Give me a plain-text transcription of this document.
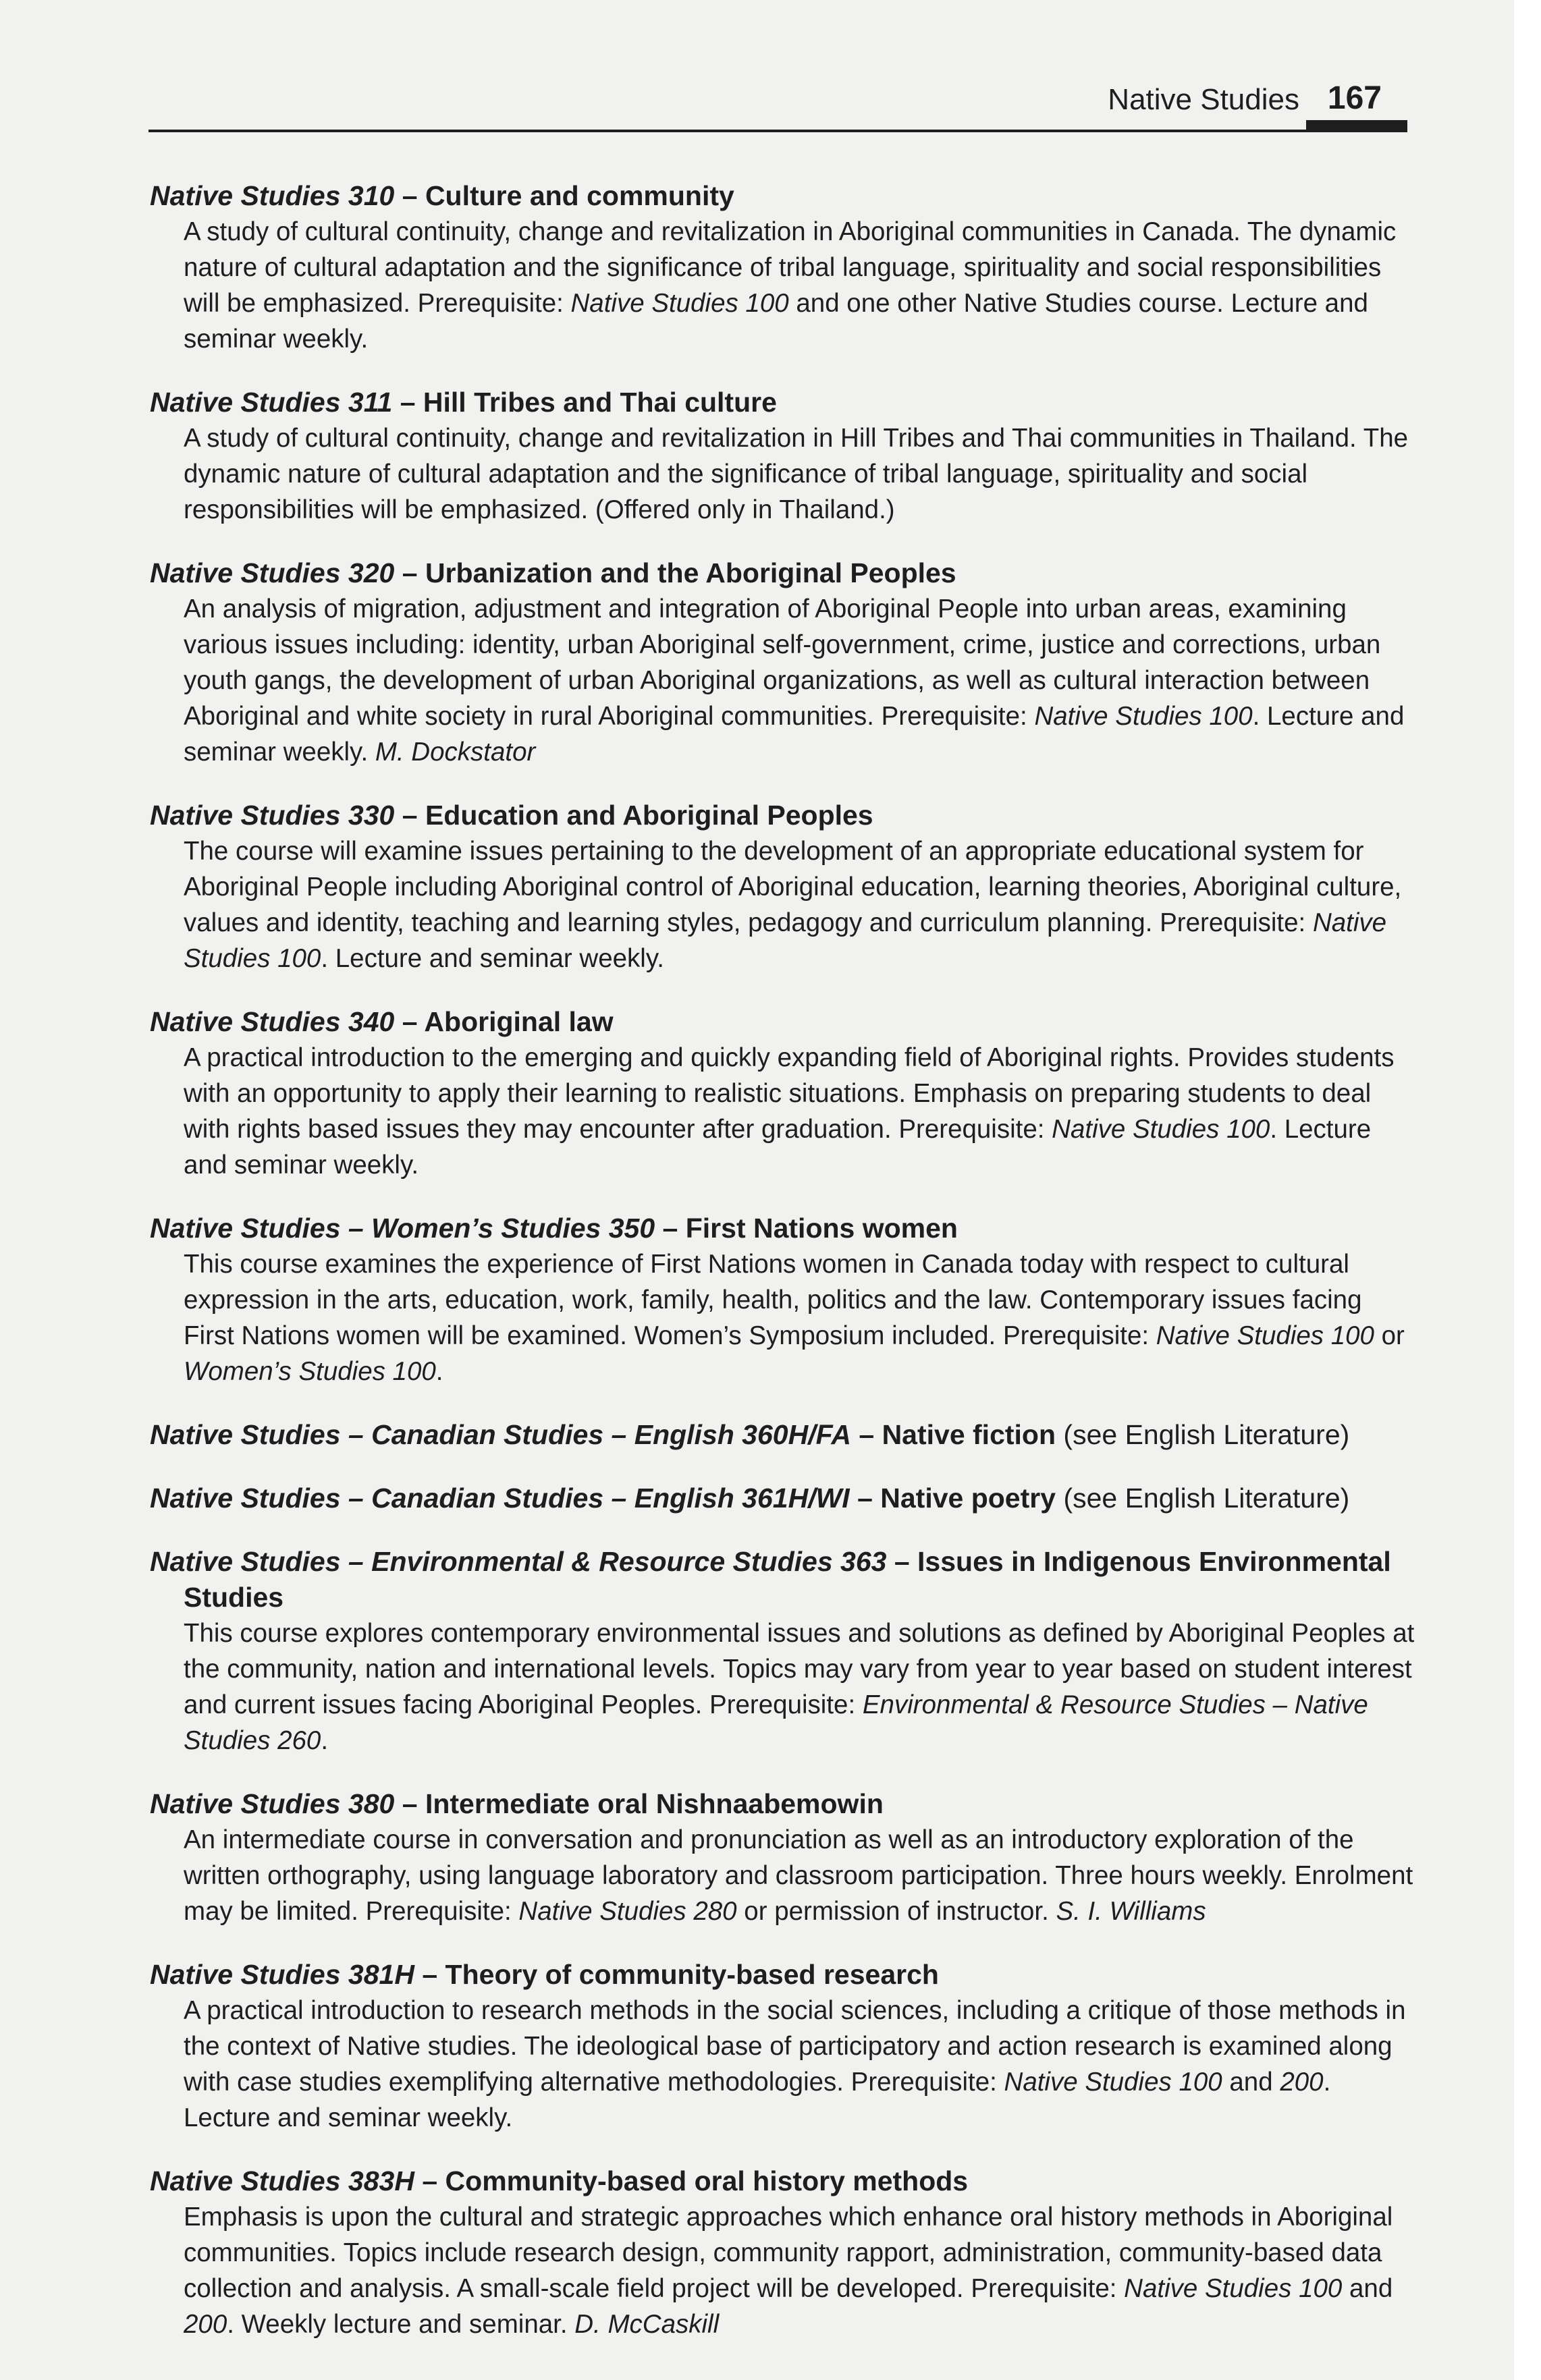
Native Studies 167
Native Studies 310 – Culture and community
A study of cultural continuity, change and revitalization in Aboriginal communities in Canada. The dynamic nature of cultural adaptation and the significance of tribal language, spirituality and social responsibilities will be emphasized. Prerequisite: Native Studies 100 and one other Native Studies course. Lecture and seminar weekly.
Native Studies 311 – Hill Tribes and Thai culture
A study of cultural continuity, change and revitalization in Hill Tribes and Thai communities in Thailand. The dynamic nature of cultural adaptation and the significance of tribal language, spirituality and social responsibilities will be emphasized. (Offered only in Thailand.)
Native Studies 320 – Urbanization and the Aboriginal Peoples
An analysis of migration, adjustment and integration of Aboriginal People into urban areas, examining various issues including: identity, urban Aboriginal self-government, crime, justice and corrections, urban youth gangs, the development of urban Aboriginal organizations, as well as cultural interaction between Aboriginal and white society in rural Aboriginal communities. Prerequisite: Native Studies 100. Lecture and seminar weekly. M. Dockstator
Native Studies 330 – Education and Aboriginal Peoples
The course will examine issues pertaining to the development of an appropriate educational system for Aboriginal People including Aboriginal control of Aboriginal education, learning theories, Aboriginal culture, values and identity, teaching and learning styles, pedagogy and curriculum planning. Prerequisite: Native Studies 100. Lecture and seminar weekly.
Native Studies 340 – Aboriginal law
A practical introduction to the emerging and quickly expanding field of Aboriginal rights. Provides students with an opportunity to apply their learning to realistic situations. Emphasis on preparing students to deal with rights based issues they may encounter after graduation. Prerequisite: Native Studies 100. Lecture and seminar weekly.
Native Studies – Women’s Studies 350 – First Nations women
This course examines the experience of First Nations women in Canada today with respect to cultural expression in the arts, education, work, family, health, politics and the law. Contemporary issues facing First Nations women will be examined. Women’s Symposium included. Prerequisite: Native Studies 100 or Women’s Studies 100.
Native Studies – Canadian Studies – English 360H/FA – Native fiction (see English Literature)
Native Studies – Canadian Studies – English 361H/WI – Native poetry (see English Literature)
Native Studies – Environmental & Resource Studies 363 – Issues in Indigenous Environmental Studies
This course explores contemporary environmental issues and solutions as defined by Aboriginal Peoples at the community, nation and international levels. Topics may vary from year to year based on student interest and current issues facing Aboriginal Peoples. Prerequisite: Environmental & Resource Studies – Native Studies 260.
Native Studies 380 – Intermediate oral Nishnaabemowin
An intermediate course in conversation and pronunciation as well as an introductory exploration of the written orthography, using language laboratory and classroom participation. Three hours weekly. Enrolment may be limited. Prerequisite: Native Studies 280 or permission of instructor. S. I. Williams
Native Studies 381H – Theory of community-based research
A practical introduction to research methods in the social sciences, including a critique of those methods in the context of Native studies. The ideological base of participatory and action research is examined along with case studies exemplifying alternative methodologies. Prerequisite: Native Studies 100 and 200. Lecture and seminar weekly.
Native Studies 383H – Community-based oral history methods
Emphasis is upon the cultural and strategic approaches which enhance oral history methods in Aboriginal communities. Topics include research design, community rapport, administration, community-based data collection and analysis. A small-scale field project will be developed. Prerequisite: Native Studies 100 and 200. Weekly lecture and seminar. D. McCaskill
